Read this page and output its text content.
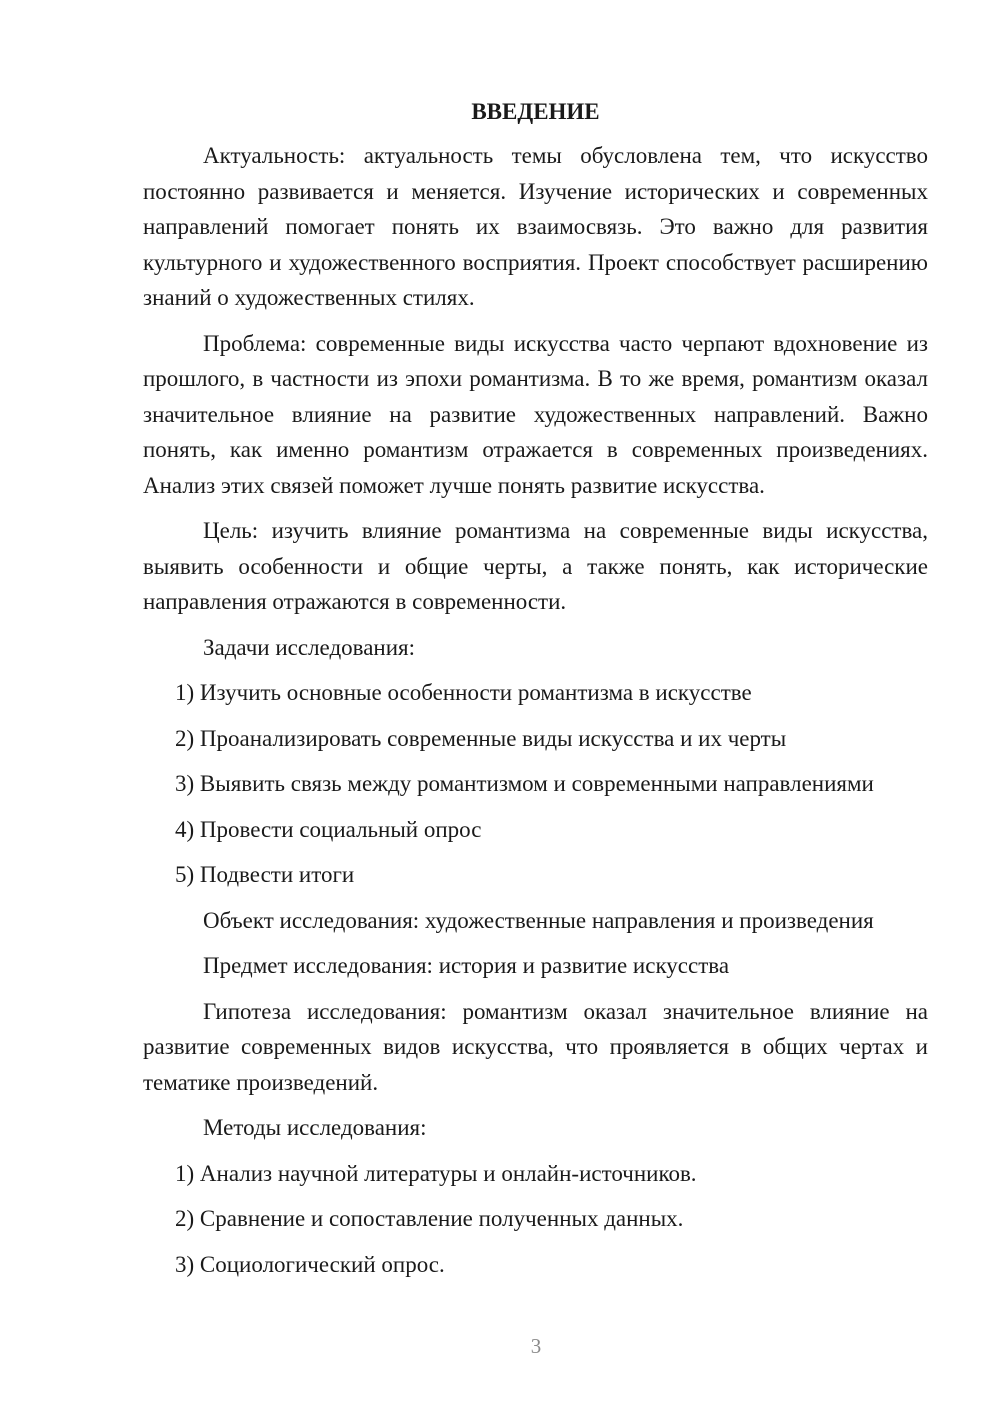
ВВЕДЕНИЕ

Актуальность: актуальность темы обусловлена тем, что искусство постоянно развивается и меняется. Изучение исторических и современных направлений помогает понять их взаимосвязь. Это важно для развития культурного и художественного восприятия. Проект способствует расширению знаний о художественных стилях.

Проблема: современные виды искусства часто черпают вдохновение из прошлого, в частности из эпохи романтизма. В то же время, романтизм оказал значительное влияние на развитие художественных направлений. Важно понять, как именно романтизм отражается в современных произведениях. Анализ этих связей поможет лучше понять развитие искусства.

Цель: изучить влияние романтизма на современные виды искусства, выявить особенности и общие черты, а также понять, как исторические направления отражаются в современности.

Задачи исследования:
1) Изучить основные особенности романтизма в искусстве
2) Проанализировать современные виды искусства и их черты
3) Выявить связь между романтизмом и современными направлениями
4) Провести социальный опрос
5) Подвести итоги
Объект исследования: художественные направления и произведения
Предмет исследования: история и развитие искусства

Гипотеза исследования: романтизм оказал значительное влияние на развитие современных видов искусства, что проявляется в общих чертах и тематике произведений.

Методы исследования:
1) Анализ научной литературы и онлайн-источников.
2) Сравнение и сопоставление полученных данных.
3) Социологический опрос.
3
